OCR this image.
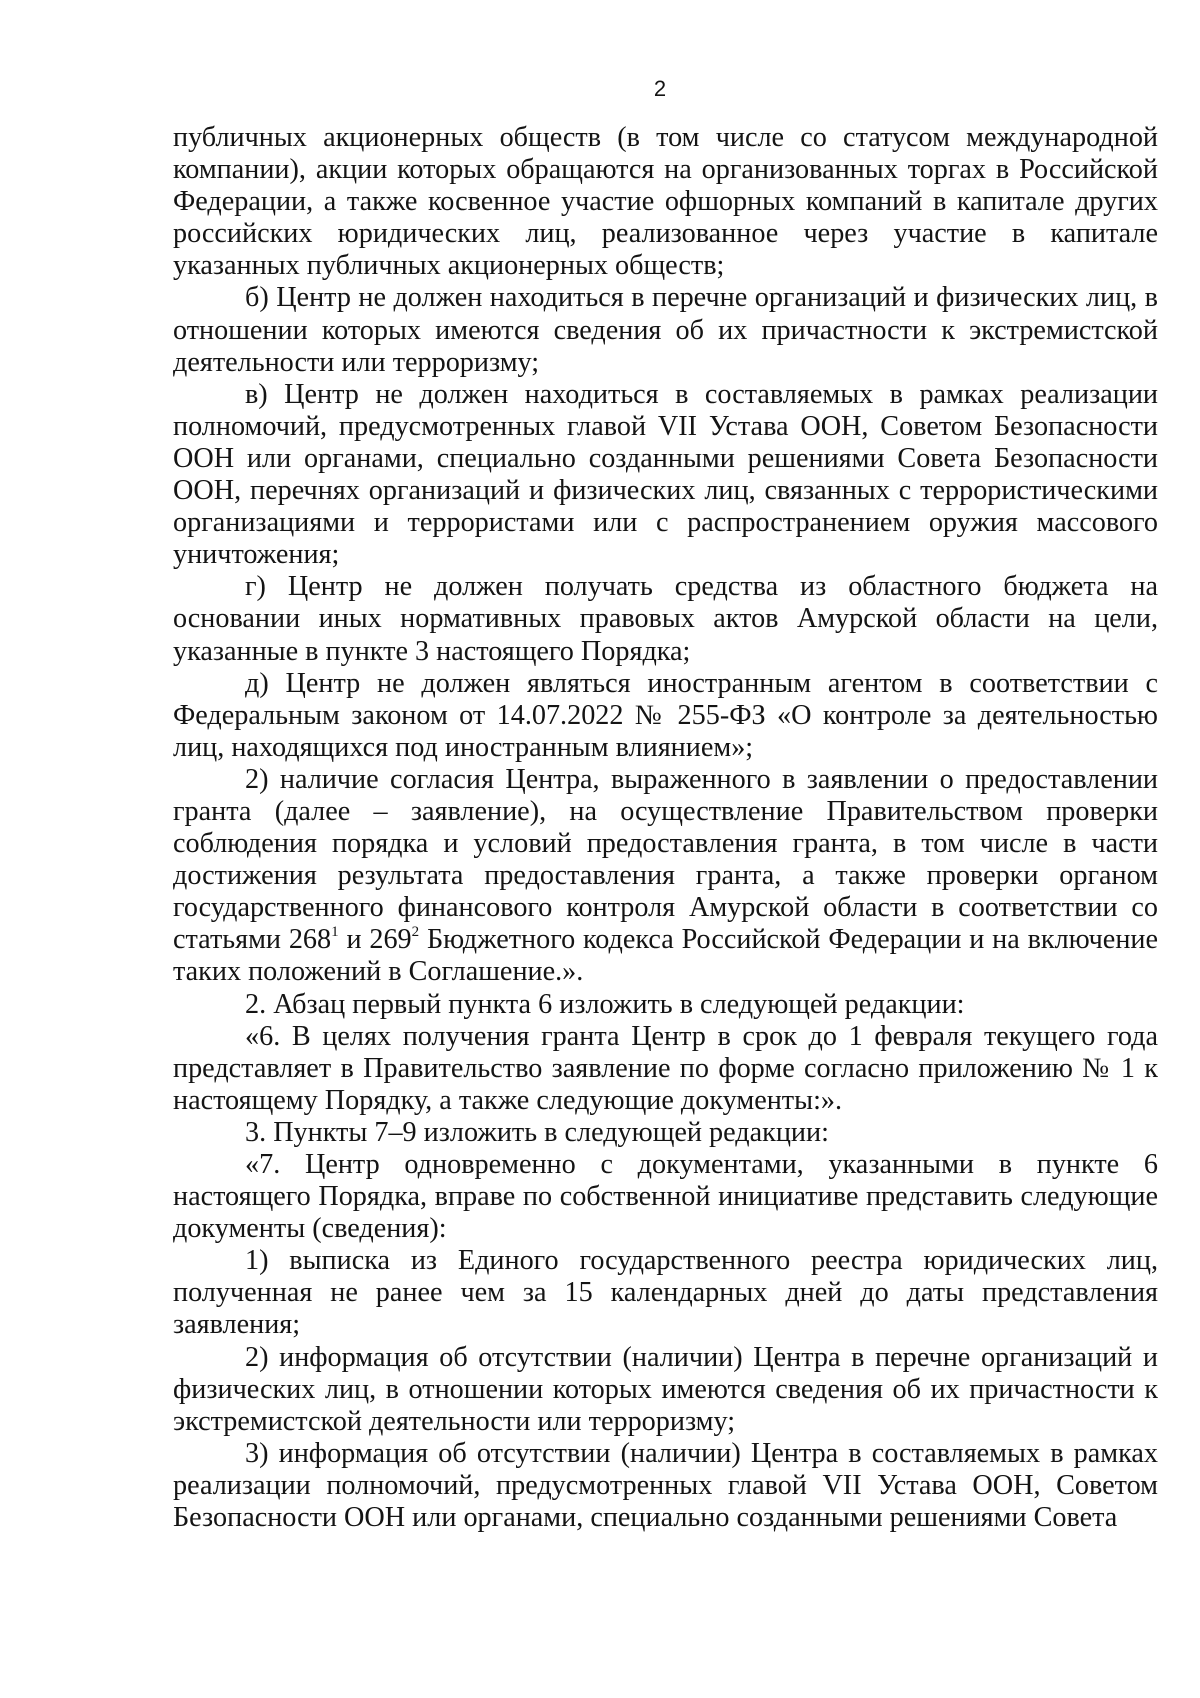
2

публичных акционерных обществ (в том числе со статусом международной компании), акции которых обращаются на организованных торгах в Российской Федерации, а также косвенное участие офшорных компаний в капитале других российских юридических лиц, реализованное через участие в капитале указанных публичных акционерных обществ;

б) Центр не должен находиться в перечне организаций и физических лиц, в отношении которых имеются сведения об их причастности к экстремистской деятельности или терроризму;

в) Центр не должен находиться в составляемых в рамках реализации полномочий, предусмотренных главой VII Устава ООН, Советом Безопасности ООН или органами, специально созданными решениями Совета Безопасности ООН, перечнях организаций и физических лиц, связанных с террористическими организациями и террористами или с распространением оружия массового уничтожения;

г) Центр не должен получать средства из областного бюджета на основании иных нормативных правовых актов Амурской области на цели, указанные в пункте 3 настоящего Порядка;

д) Центр не должен являться иностранным агентом в соответствии с Федеральным законом от 14.07.2022 № 255-ФЗ «О контроле за деятельностью лиц, находящихся под иностранным влиянием»;

2) наличие согласия Центра, выраженного в заявлении о предоставлении гранта (далее – заявление), на осуществление Правительством проверки соблюдения порядка и условий предоставления гранта, в том числе в части достижения результата предоставления гранта, а также проверки органом государственного финансового контроля Амурской области в соответствии со статьями $268^1$ и $269^2$ Бюджетного кодекса Российской Федерации и на включение таких положений в Соглашение.».

2. Абзац первый пункта 6 изложить в следующей редакции:

«6. В целях получения гранта Центр в срок до 1 февраля текущего года представляет в Правительство заявление по форме согласно приложению № 1 к настоящему Порядку, а также следующие документы:».

3. Пункты 7–9 изложить в следующей редакции:

«7. Центр одновременно с документами, указанными в пункте 6 настоящего Порядка, вправе по собственной инициативе представить следующие документы (сведения):

1) выписка из Единого государственного реестра юридических лиц, полученная не ранее чем за 15 календарных дней до даты представления заявления;

2) информация об отсутствии (наличии) Центра в перечне организаций и физических лиц, в отношении которых имеются сведения об их причастности к экстремистской деятельности или терроризму;

3) информация об отсутствии (наличии) Центра в составляемых в рамках реализации полномочий, предусмотренных главой VII Устава ООН, Советом Безопасности ООН или органами, специально созданными решениями Совета
